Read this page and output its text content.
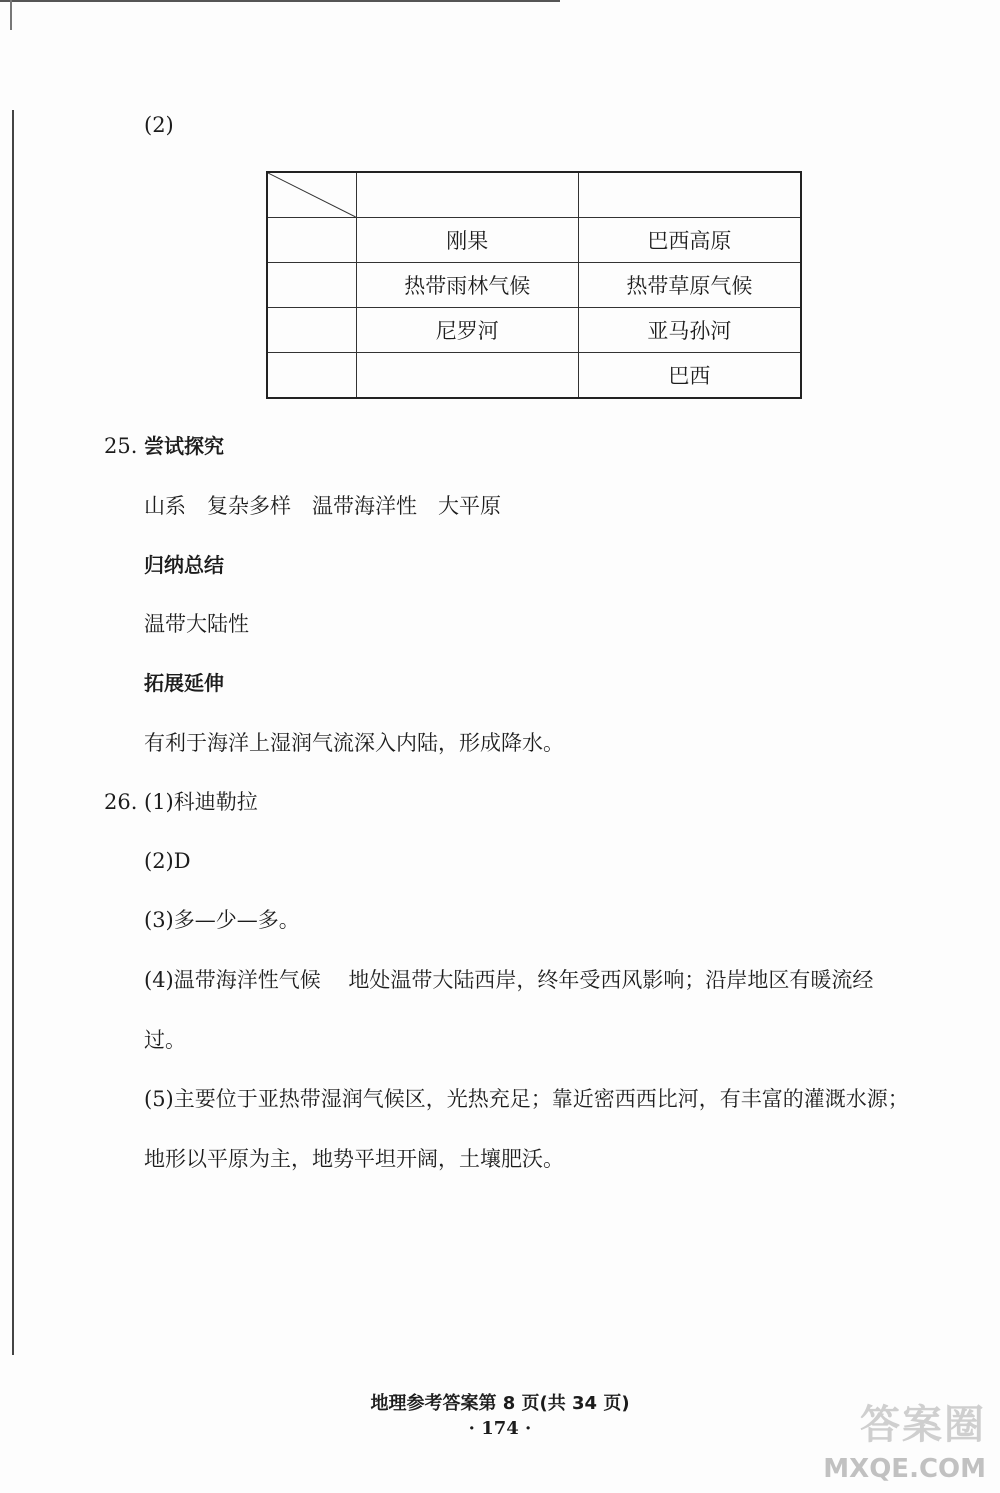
(2)

	刚果	巴西高原
	热带雨林气候	热带草原气候
	尼罗河	亚马孙河
		巴西
25. 尝试探究
山系　复杂多样　温带海洋性　大平原
归纳总结
温带大陆性
拓展延伸
有利于海洋上湿润气流深入内陆，形成降水。
26. (1)科迪勒拉
(2)D
(3)多—少—多。
(4)温带海洋性气候　 地处温带大陆西岸，终年受西风影响；沿岸地区有暖流经
过。
(5)主要位于亚热带湿润气候区，光热充足；靠近密西西比河，有丰富的灌溉水源；
地形以平原为主，地势平坦开阔，土壤肥沃。
地理参考答案第 8 页(共 34 页)
· 174 ·	答案圈
MXQE.COM
